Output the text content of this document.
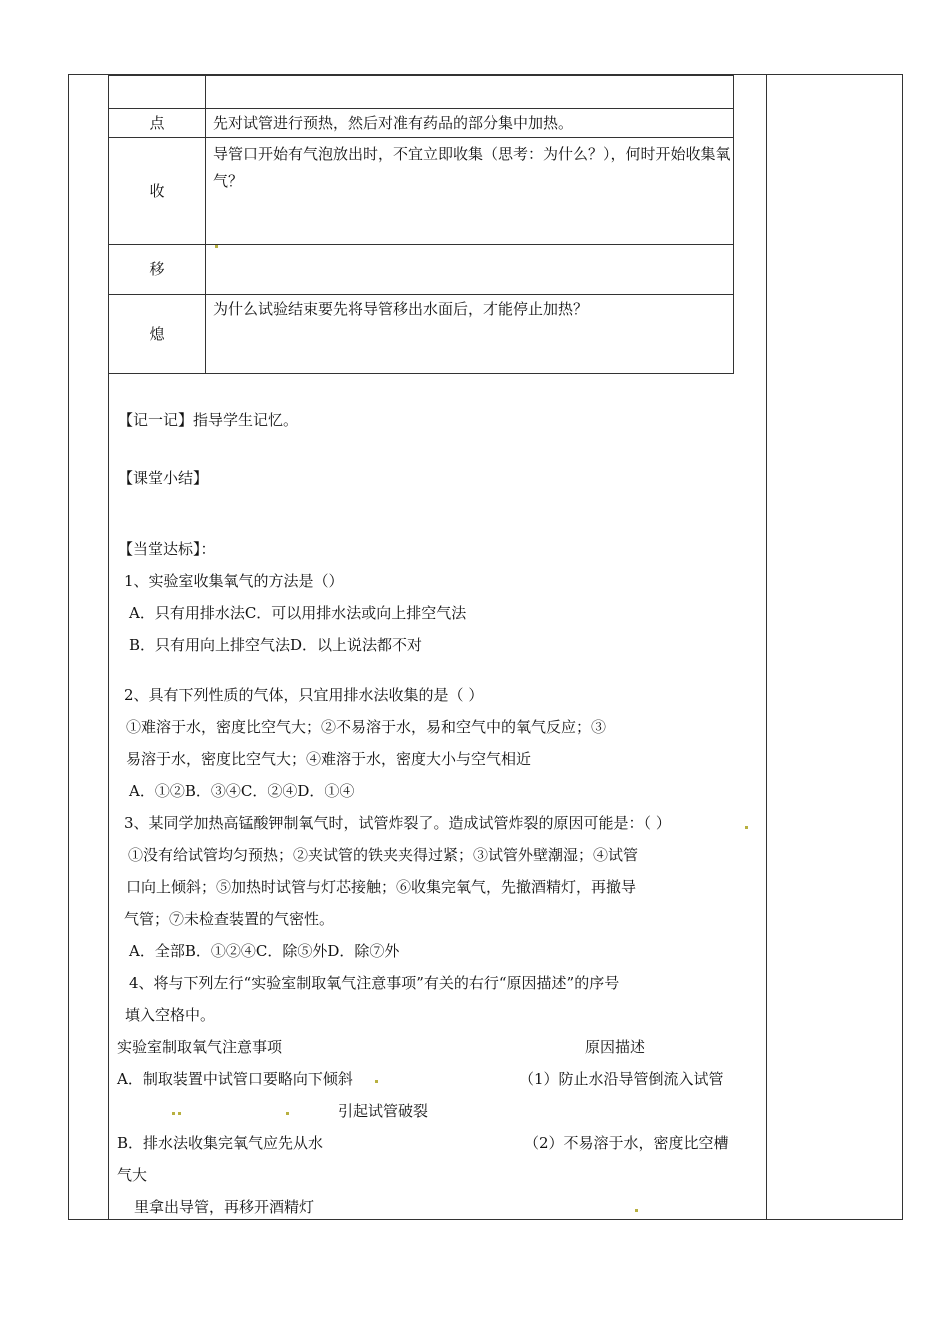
点	先对试管进行预热，然后对准有药品的部分集中加热。
收	导管口开始有气泡放出时，不宜立即收集（思考：为什么？），何时开始收集氧气？
移	
熄	为什么试验结束要先将导管移出水面后，才能停止加热？
【记一记】指导学生记忆。
【课堂小结】
【当堂达标】：
1、实验室收集氧气的方法是（）
A．只有用排水法C．可以用排水法或向上排空气法
B．只有用向上排空气法D．以上说法都不对
2、具有下列性质的气体，只宜用排水法收集的是（ ）
①难溶于水，密度比空气大；②不易溶于水，易和空气中的氧气反应；③
易溶于水，密度比空气大；④难溶于水，密度大小与空气相近
A．①②B．③④C．②④D．①④
3、某同学加热高锰酸钾制氧气时，试管炸裂了。造成试管炸裂的原因可能是：（ ）
①没有给试管均匀预热；②夹试管的铁夹夹得过紧；③试管外壁潮湿；④试管
口向上倾斜；⑤加热时试管与灯芯接触；⑥收集完氧气，先撤酒精灯，再撤导
气管；⑦未检查装置的气密性。
A．全部B．①②④C．除⑤外D．除⑦外
4、将与下列左行“实验室制取氧气注意事项”有关的右行“原因描述”的序号
填入空格中。
实验室制取氧气注意事项	原因描述
A．制取装置中试管口要略向下倾斜	（1）防止水沿导管倒流入试管
引起试管破裂
B．排水法收集完氧气应先从水	（2）不易溶于水，密度比空槽
气大
里拿出导管，再移开酒精灯
